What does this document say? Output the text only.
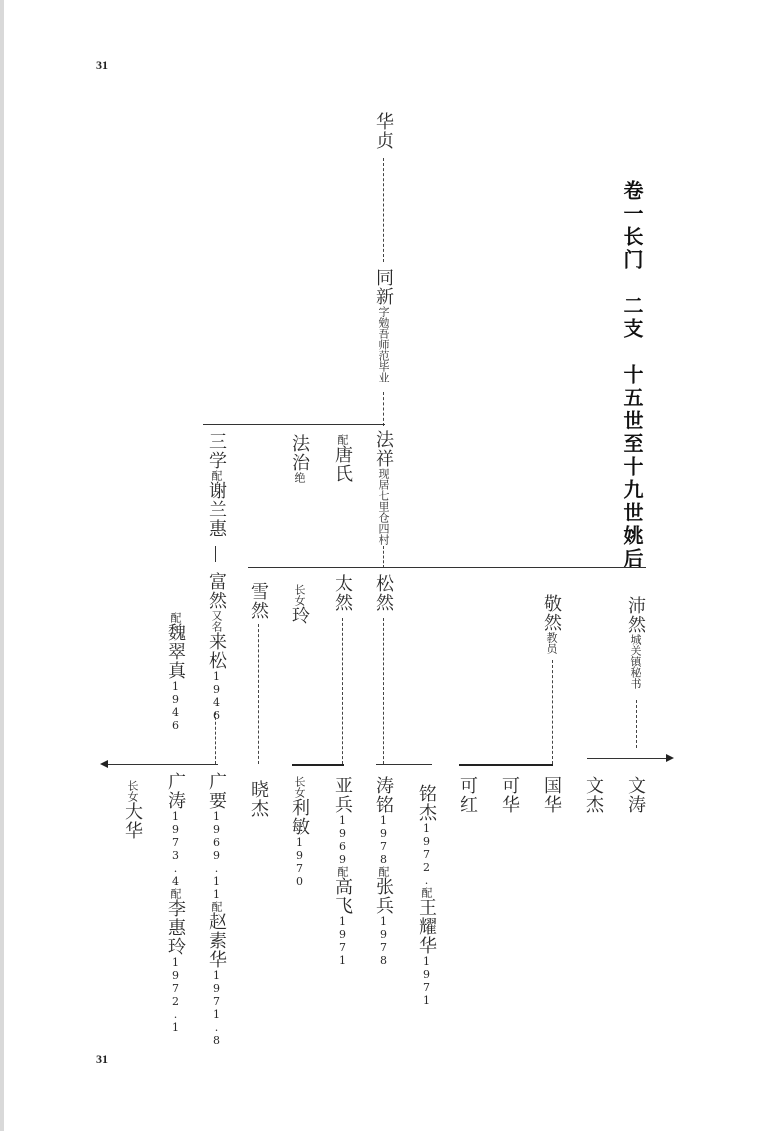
31
31
卷一长门　二支　十五世至十九世姚后
华贞
同新字勉吾师范毕业
法祥现居七里仓四村
配唐氏
法治绝
三学配谢兰惠
富然又名来松1946
配魏翠真1946
雪然 长女玲
太然 松然
敬然教员
沛然城关镇秘书
长女大华
广涛1973.4配李惠玲1972.1
广要1969.11配赵素华1971.8
晓杰 长女利敏1970
亚兵1969配高飞1971
涛铭1978配张兵1978
铭杰1972.配王耀华1971
可红 可华 国华 文杰 文涛
